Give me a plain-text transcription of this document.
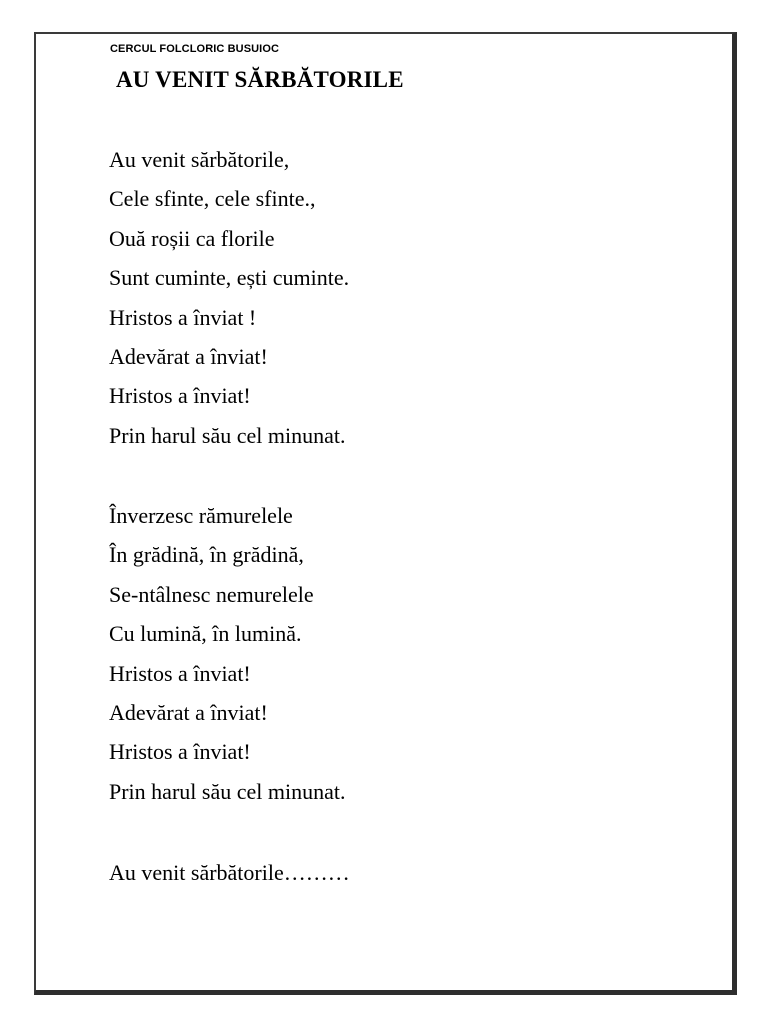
CERCUL FOLCLORIC BUSUIOC
AU VENIT SĂRBĂTORILE
Au venit sărbătorile,
Cele sfinte, cele sfinte.,
Ouă roșii ca florile
Sunt cuminte, ești cuminte.
Hristos a înviat !
Adevărat a înviat!
Hristos a înviat!
Prin harul său cel minunat.
Înverzesc rămurelele
În grădină, în grădină,
Se-ntâlnesc nemurelele
Cu lumină, în lumină.
Hristos a înviat!
Adevărat a înviat!
Hristos a înviat!
Prin harul său cel minunat.
Au venit sărbătorile………
